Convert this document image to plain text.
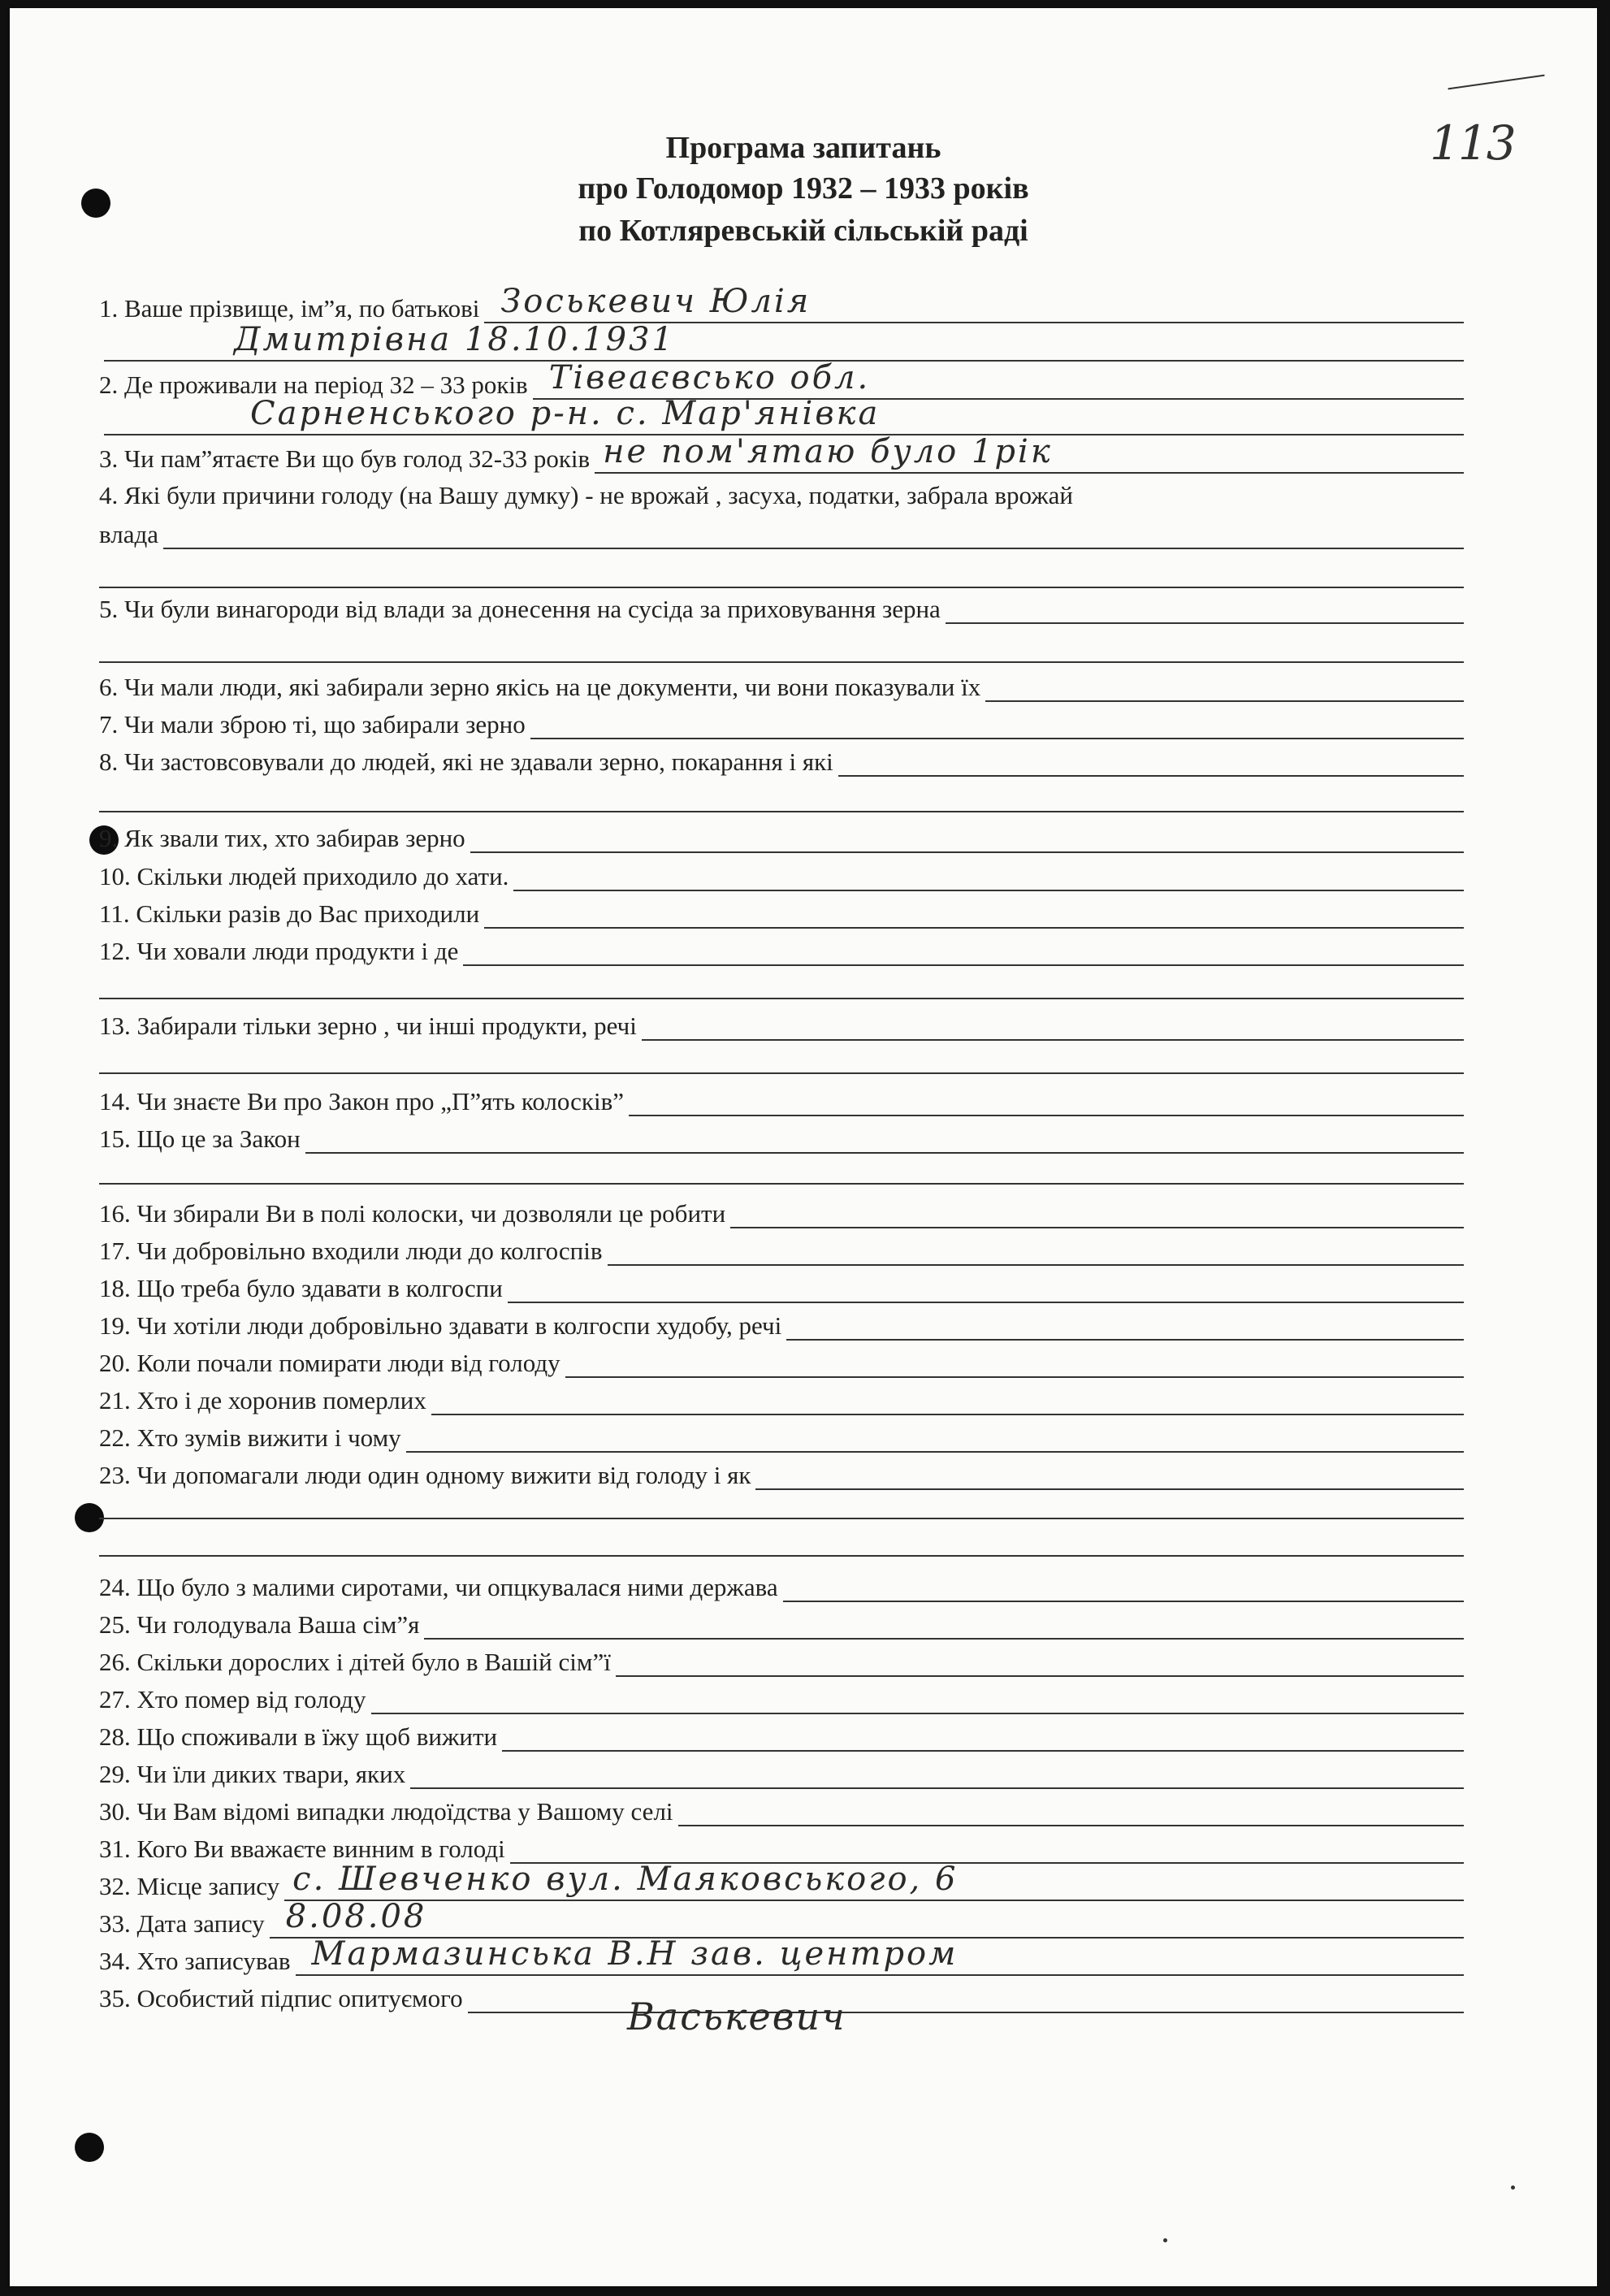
113
Програма запитань
про Голодомор 1932 – 1933 років
по Котляревській сільській раді
1. Ваше прізвище, ім”я, по батькові Зоськевич Юлія
Дмитрівна 18.10.1931
2. Де проживали на період 32 – 33 років Тівеаєвсько обл.
Сарненського р-н. с. Мар'янівка
3. Чи пам”ятаєте Ви що був голод 32-33 років не пом'ятаю було 1рік
4. Які були причини голоду (на Вашу думку) - не врожай , засуха, податки, забрала врожай
влада
5. Чи були винагороди від влади за донесення на сусіда за приховування зерна
6. Чи мали люди, які забирали зерно якісь на це документи, чи вони показували їх
7. Чи мали зброю ті, що забирали зерно
8. Чи застовсовували до людей, які не здавали зерно, покарання і які
9. Як звали тих, хто забирав зерно
10. Скільки людей приходило до хати.
11. Скільки разів до Вас приходили
12. Чи ховали люди продукти і де
13. Забирали тільки зерно , чи інші продукти, речі
14. Чи знаєте Ви про Закон про „П”ять колосків”
15. Що це за Закон
16. Чи збирали Ви в полі колоски, чи дозволяли це робити
17. Чи добровільно входили люди до колгоспів
18. Що треба було здавати в колгоспи
19. Чи хотіли люди добровільно здавати в колгоспи худобу, речі
20. Коли почали помирати люди від голоду
21. Хто і де хоронив померлих
22. Хто зумів вижити і чому
23. Чи допомагали люди один одному вижити від голоду і як
24. Що було з малими сиротами, чи опцкувалася ними держава
25. Чи голодувала Ваша сім”я
26. Скільки дорослих і дітей було в Вашій сім”ї
27. Хто помер від голоду
28. Що споживали в їжу щоб вижити
29. Чи їли диких твари, яких
30. Чи Вам відомі випадки людоїдства у Вашому селі
31. Кого Ви вважаєте винним в голоді
32. Місце запису с. Шевченко вул. Маяковського, 6
33. Дата запису 8.08.08
34. Хто записував Мармазинська В.Н зав. центром
35. Особистий підпис опитуємого	Васькевич
